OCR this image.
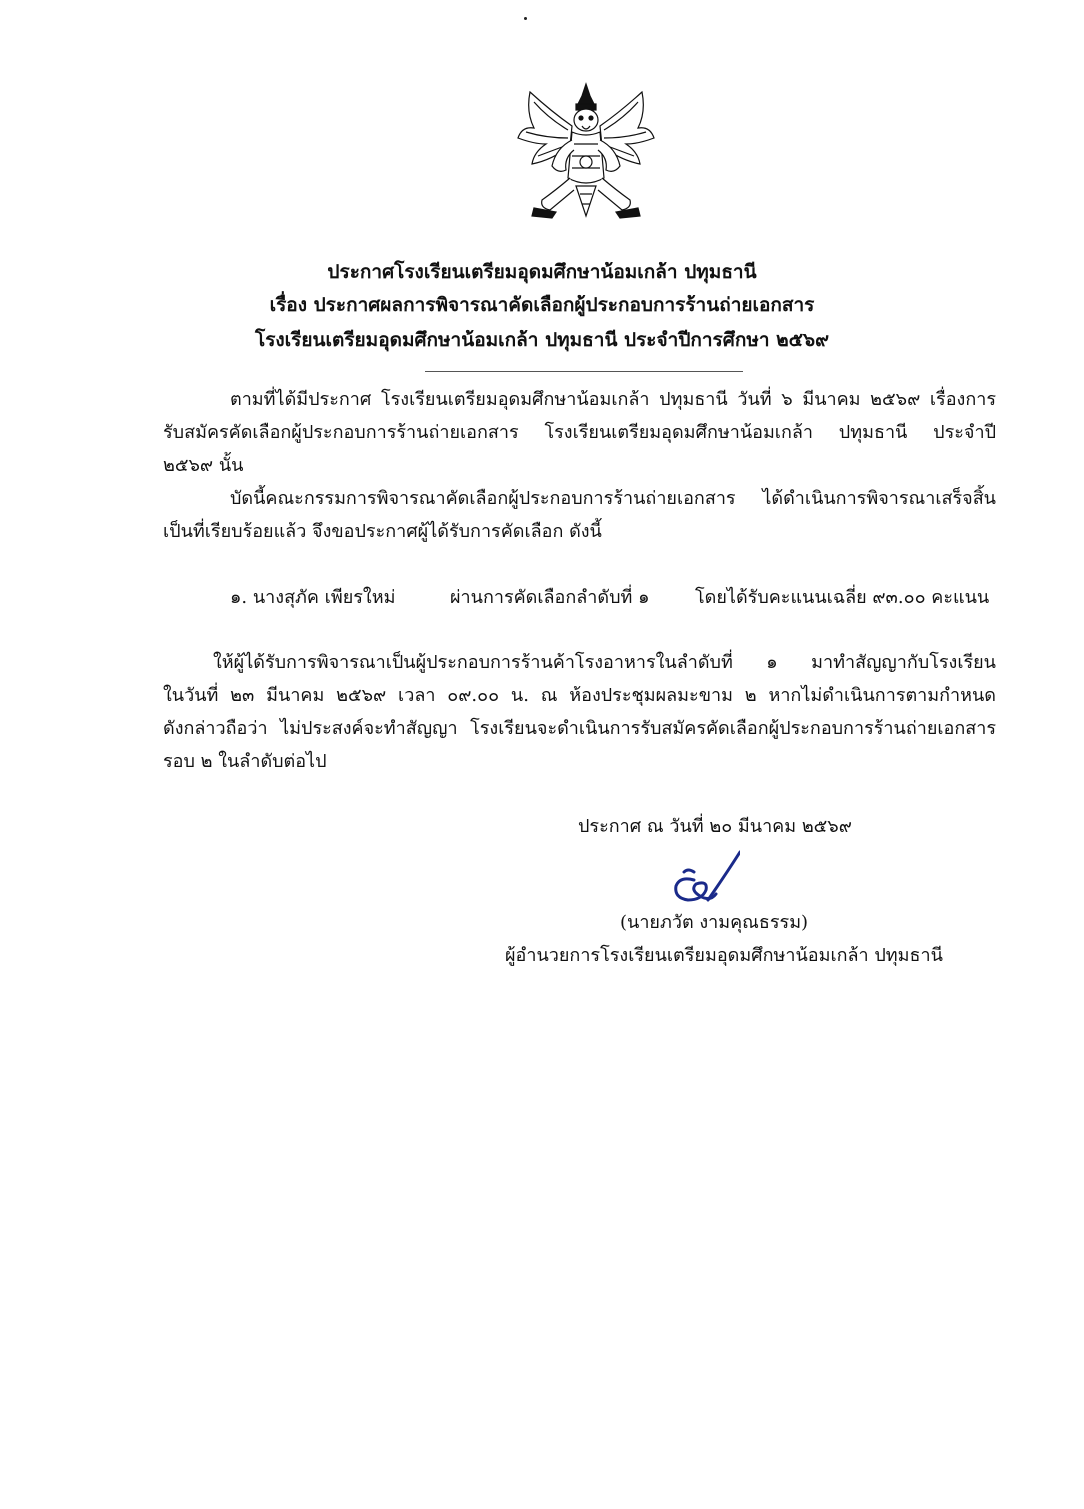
ประกาศโรงเรียนเตรียมอุดมศึกษาน้อมเกล้า ปทุมธานี
เรื่อง ประกาศผลการพิจารณาคัดเลือกผู้ประกอบการร้านถ่ายเอกสาร
โรงเรียนเตรียมอุดมศึกษาน้อมเกล้า ปทุมธานี ประจำปีการศึกษา ๒๕๖๙
ตามที่ได้มีประกาศ โรงเรียนเตรียมอุดมศึกษาน้อมเกล้า ปทุมธานี วันที่ ๖ มีนาคม ๒๕๖๙ เรื่องการ
รับสมัครคัดเลือกผู้ประกอบการร้านถ่ายเอกสาร โรงเรียนเตรียมอุดมศึกษาน้อมเกล้า ปทุมธานี ประจำปี
๒๕๖๙ นั้น
บัดนี้คณะกรรมการพิจารณาคัดเลือกผู้ประกอบการร้านถ่ายเอกสาร ได้ดำเนินการพิจารณาเสร็จสิ้น
เป็นที่เรียบร้อยแล้ว จึงขอประกาศผู้ได้รับการคัดเลือก ดังนี้
๑. นางสุภัค เพียรใหม่	ผ่านการคัดเลือกลำดับที่ ๑	โดยได้รับคะแนนเฉลี่ย ๙๓.๐๐ คะแนน
ให้ผู้ได้รับการพิจารณาเป็นผู้ประกอบการร้านค้าโรงอาหารในลำดับที่ ๑ มาทำสัญญากับโรงเรียน
ในวันที่ ๒๓ มีนาคม ๒๕๖๙ เวลา ๐๙.๐๐ น. ณ ห้องประชุมผลมะขาม ๒ หากไม่ดำเนินการตามกำหนด
ดังกล่าวถือว่า ไม่ประสงค์จะทำสัญญา โรงเรียนจะดำเนินการรับสมัครคัดเลือกผู้ประกอบการร้านถ่ายเอกสาร
รอบ ๒ ในลำดับต่อไป
ประกาศ ณ วันที่ ๒๐ มีนาคม ๒๕๖๙
(นายภวัต งามคุณธรรม)
ผู้อำนวยการโรงเรียนเตรียมอุดมศึกษาน้อมเกล้า ปทุมธานี
